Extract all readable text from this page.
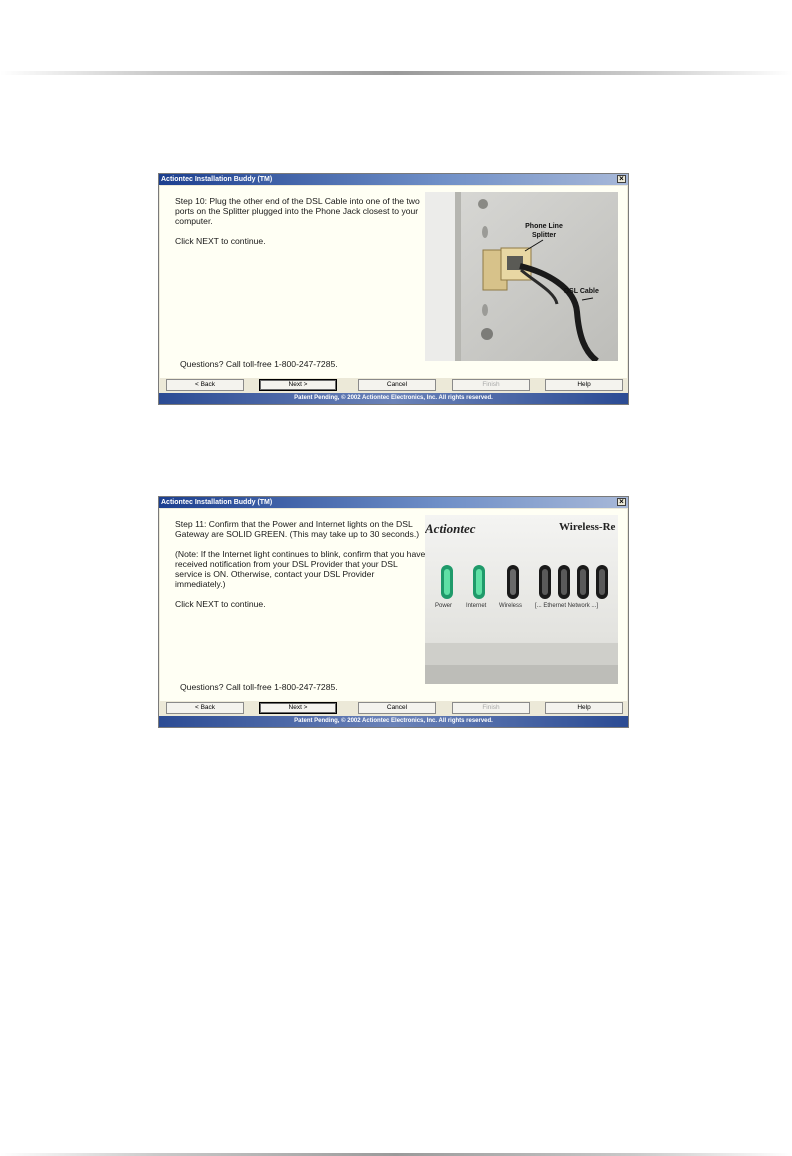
Actiontec Installation Buddy (TM)	×

Step 10: Plug the other end of the DSL Cable into one of the two ports on the Splitter plugged into the Phone Jack closest to your computer.

Click NEXT to continue.

Questions? Call toll-free 1-800-247-7285.
Phone Line Splitter
DSL Cable
< Back	Next >	Cancel	Finish	Help
Patent Pending, © 2002 Actiontec Electronics, Inc. All rights reserved.
Actiontec Installation Buddy (TM)	×

Step 11: Confirm that the Power and Internet lights on the DSL Gateway are SOLID GREEN. (This may take up to 30 seconds.)

(Note: If the Internet light continues to blink, confirm that you have received notification from your DSL Provider that your DSL service is ON. Otherwise, contact your DSL Provider immediately.)

Click NEXT to continue.

Questions? Call toll-free 1-800-247-7285.
Actiontec	Wireless-Re
Power Internet Wireless [... Ethernet Network ...]
< Back	Next >	Cancel	Finish	Help
Patent Pending, © 2002 Actiontec Electronics, Inc. All rights reserved.
